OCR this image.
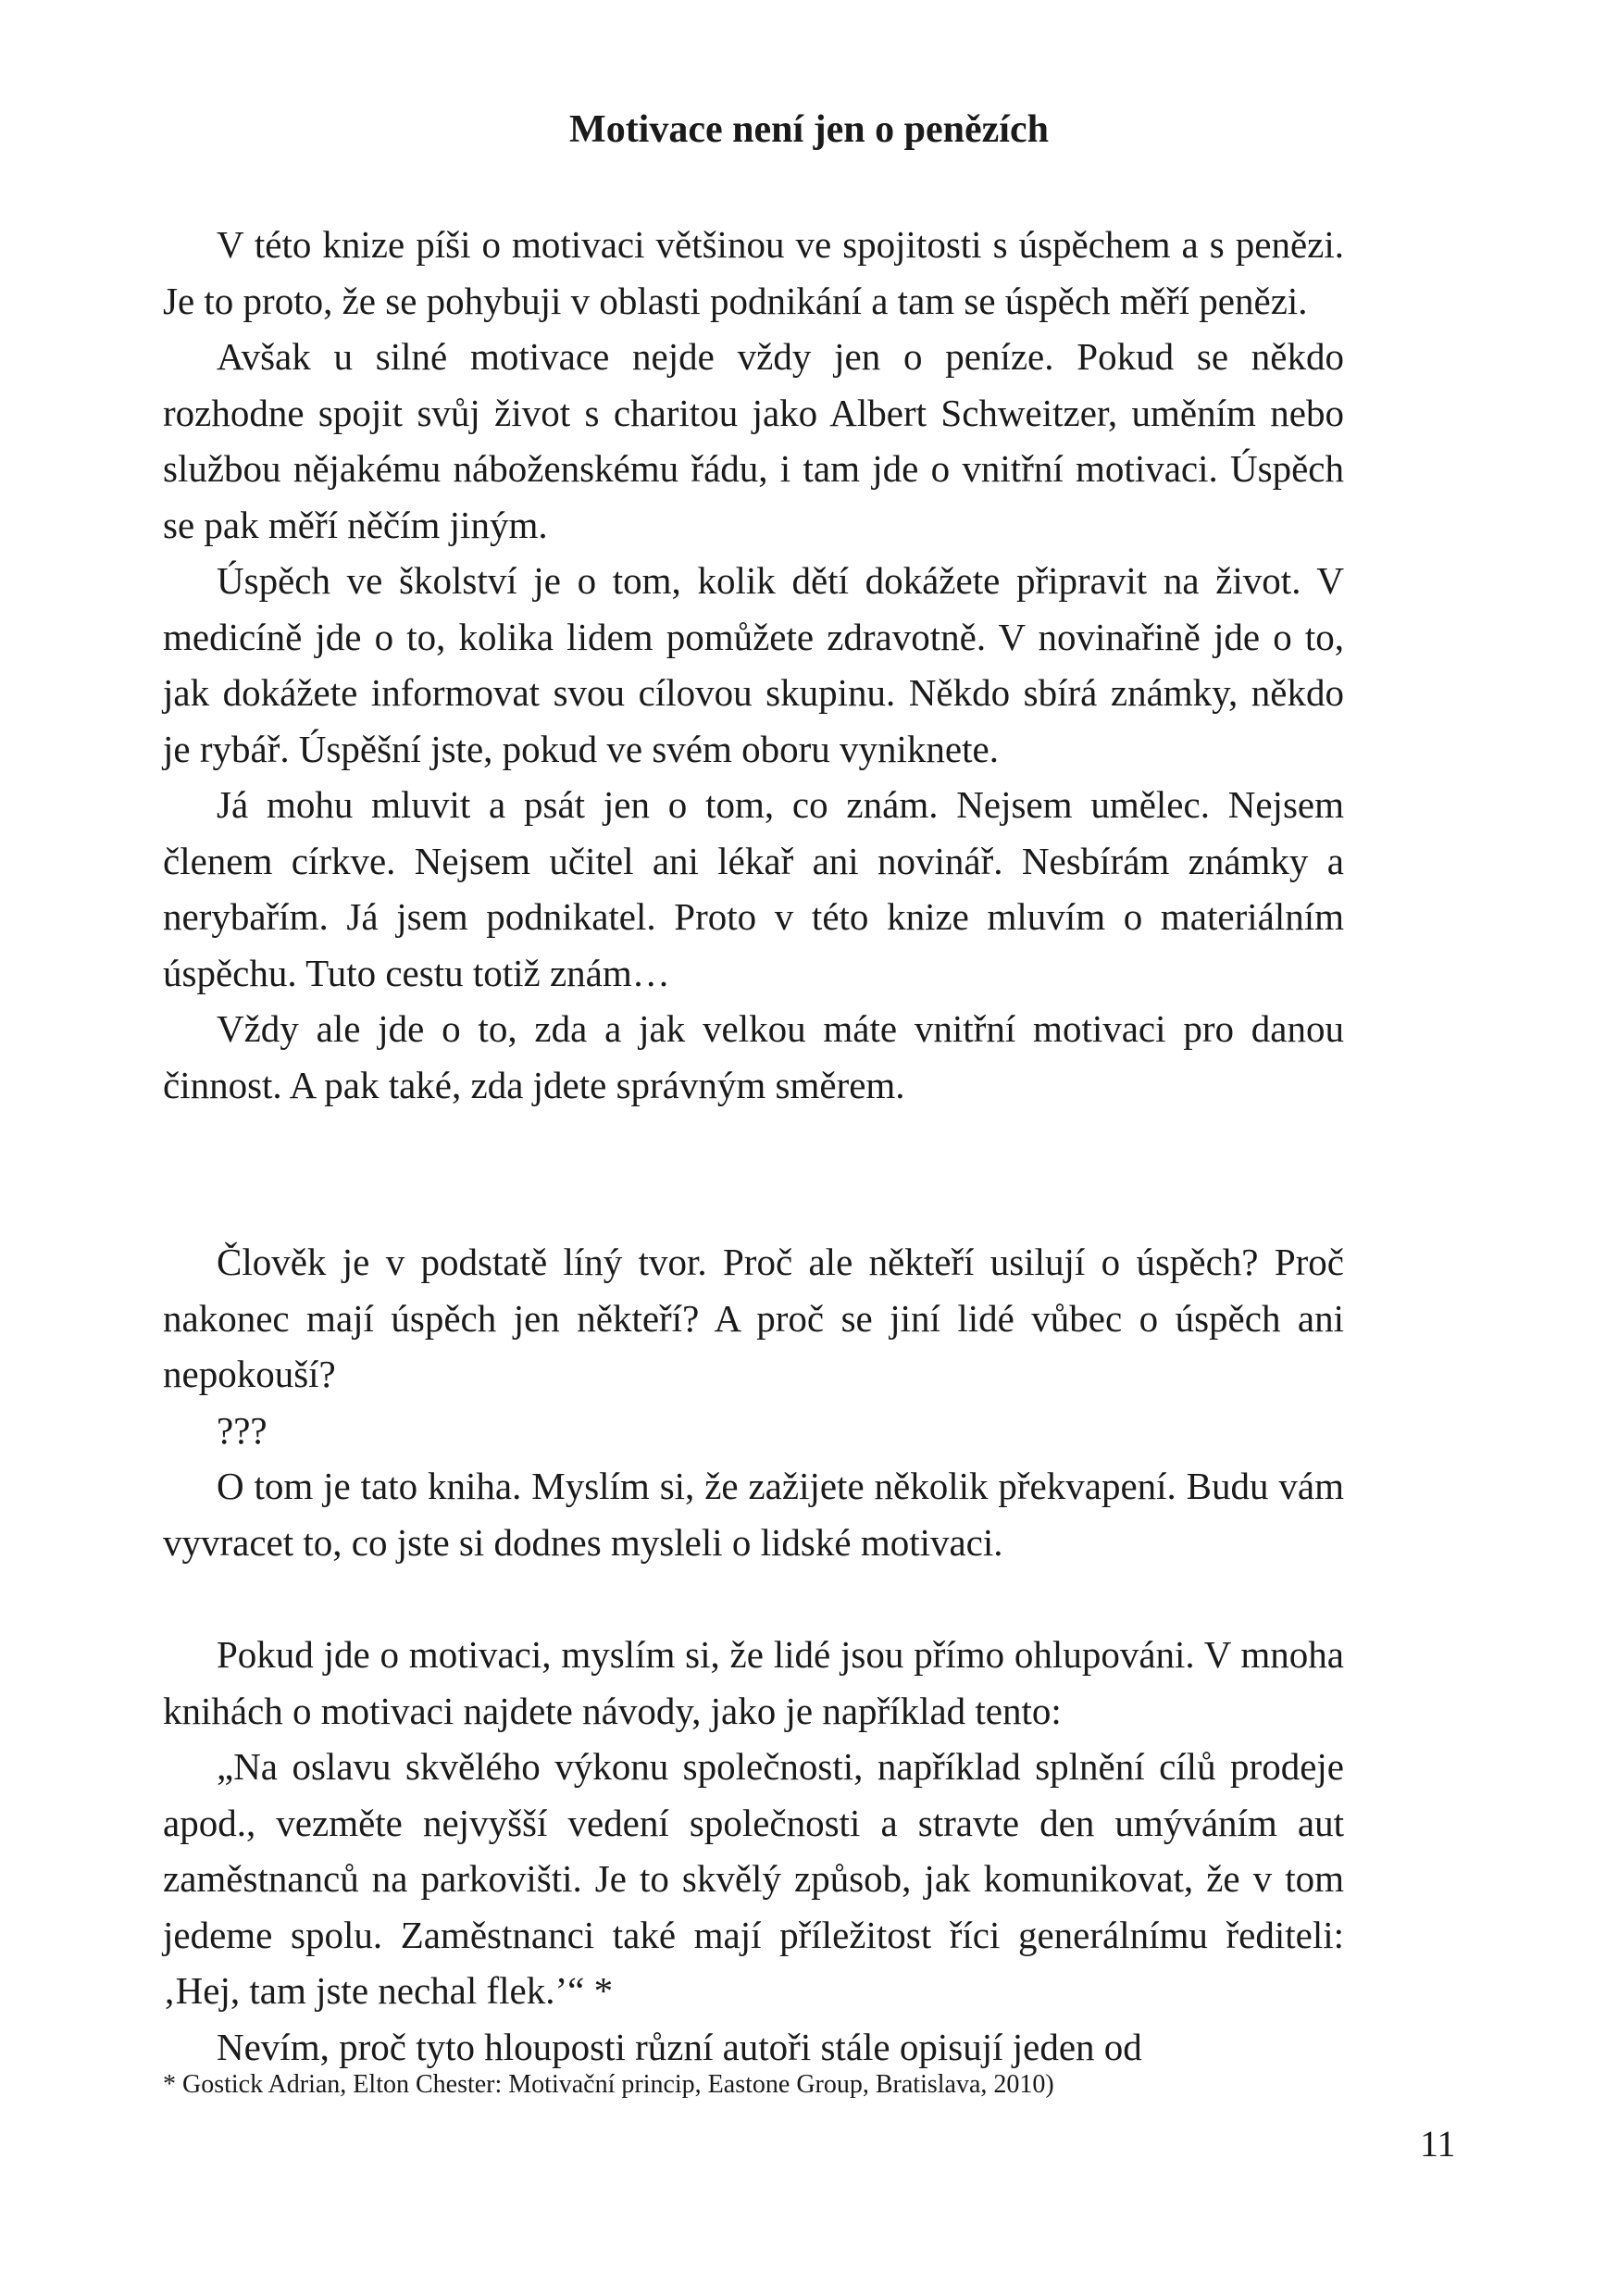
Motivace není jen o penězích

V této knize píši o motivaci většinou ve spojitosti s úspěchem a s penězi. Je to proto, že se pohybuji v oblasti podnikání a tam se úspěch měří penězi.

Avšak u silné motivace nejde vždy jen o peníze. Pokud se někdo rozhodne spojit svůj život s charitou jako Albert Schweitzer, uměním nebo službou nějakému náboženskému řádu, i tam jde o vnitřní motivaci. Úspěch se pak měří něčím jiným.

Úspěch ve školství je o tom, kolik dětí dokážete připravit na život. V medicíně jde o to, kolika lidem pomůžete zdravotně. V novinařině jde o to, jak dokážete informovat svou cílovou skupinu. Někdo sbírá známky, někdo je rybář. Úspěšní jste, pokud ve svém oboru vyniknete.

Já mohu mluvit a psát jen o tom, co znám. Nejsem umělec. Nejsem členem církve. Nejsem učitel ani lékař ani novinář. Nesbírám známky a nerybařím. Já jsem podnikatel. Proto v této knize mluvím o materiálním úspěchu. Tuto cestu totiž znám…

Vždy ale jde o to, zda a jak velkou máte vnitřní motivaci pro danou činnost. A pak také, zda jdete správným směrem.

Člověk je v podstatě líný tvor. Proč ale někteří usilují o úspěch? Proč nakonec mají úspěch jen někteří? A proč se jiní lidé vůbec o úspěch ani nepokouší?

???

O tom je tato kniha. Myslím si, že zažijete několik překvapení. Budu vám vyvracet to, co jste si dodnes mysleli o lidské motivaci.

Pokud jde o motivaci, myslím si, že lidé jsou přímo ohlupováni. V mnoha knihách o motivaci najdete návody, jako je například tento:

„Na oslavu skvělého výkonu společnosti, například splnění cílů prodeje apod., vezměte nejvyšší vedení společnosti a stravte den umýváním aut zaměstnanců na parkovišti. Je to skvělý způsob, jak komunikovat, že v tom jedeme spolu. Zaměstnanci také mají příležitost říci generálnímu řediteli: ‚Hej, tam jste nechal flek.’“ *

Nevím, proč tyto hlouposti různí autoři stále opisují jeden od

* Gostick Adrian, Elton Chester: Motivační princip, Eastone Group, Bratislava, 2010)
11
